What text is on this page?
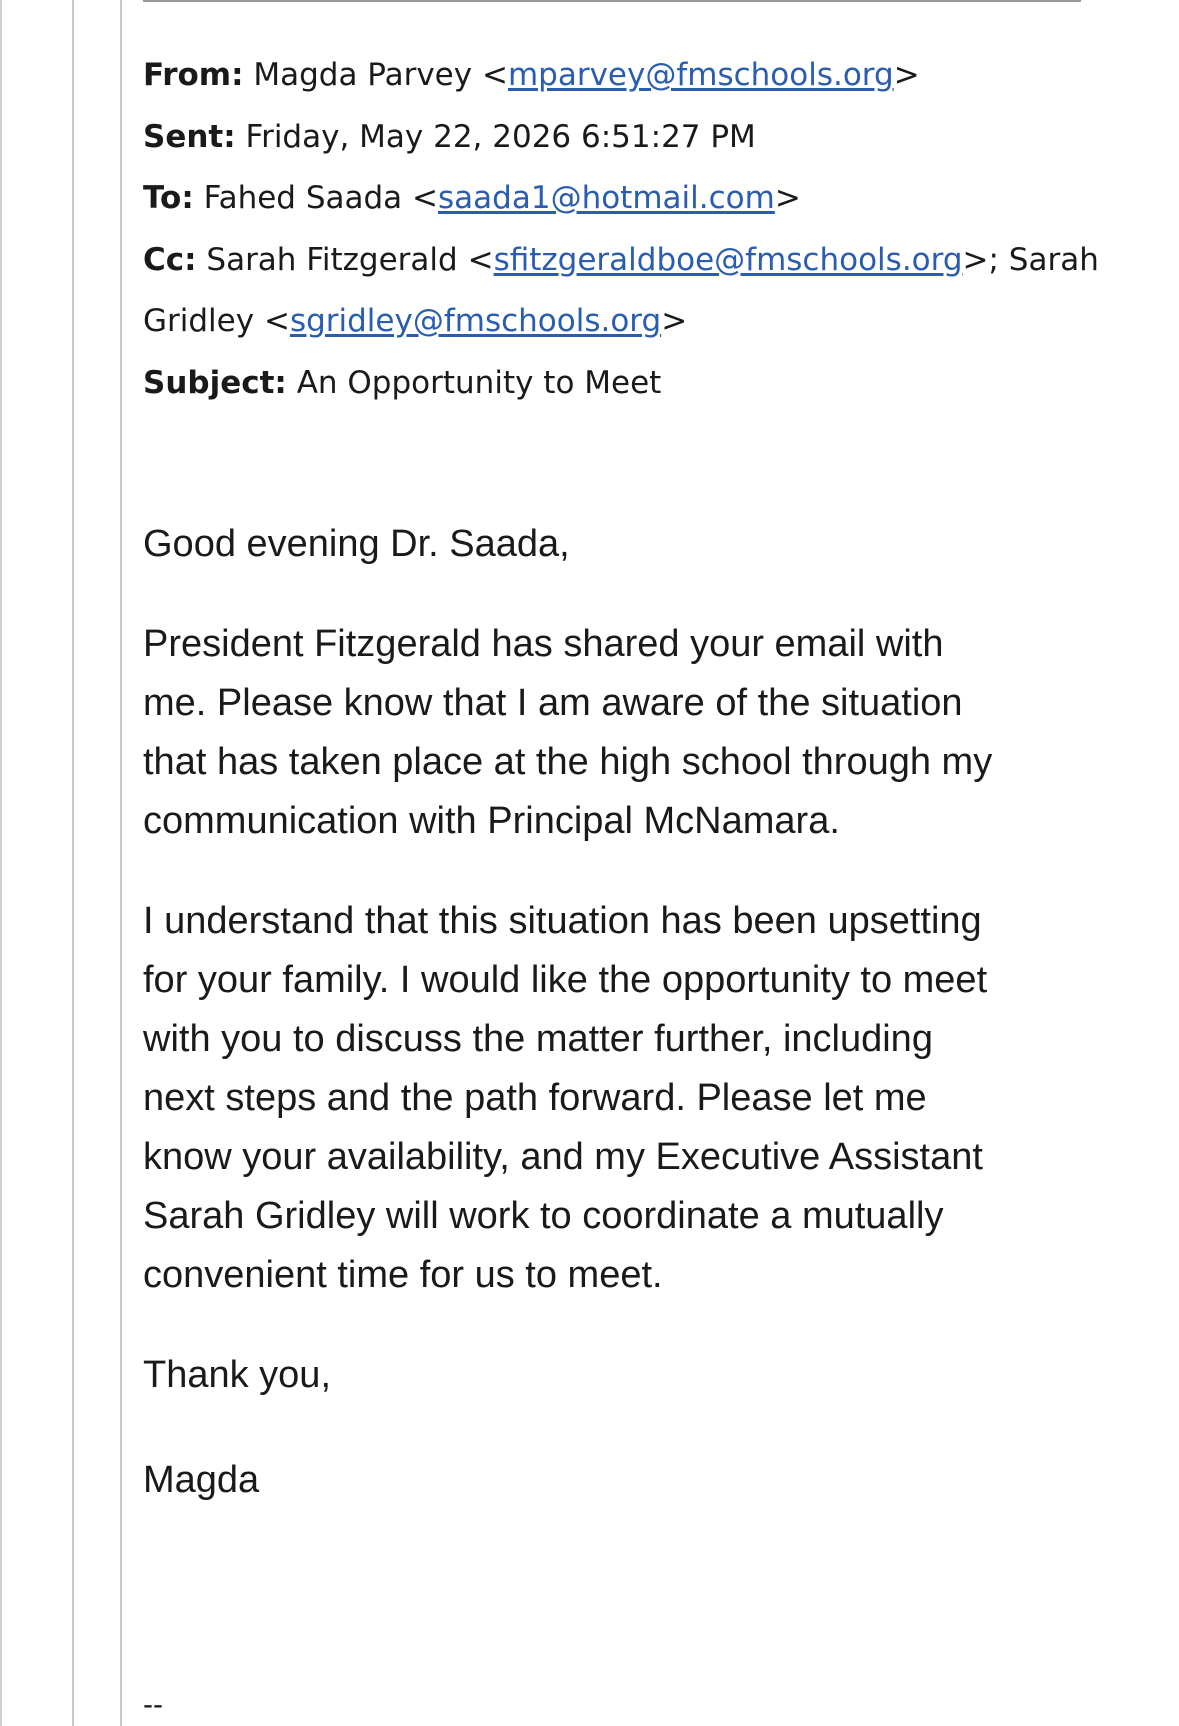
From: Magda Parvey <mparvey@fmschools.org>
Sent: Friday, May 22, 2026 6:51:27 PM
To: Fahed Saada <saada1@hotmail.com>
Cc: Sarah Fitzgerald <sfitzgeraldboe@fmschools.org>; Sarah
Gridley <sgridley@fmschools.org>
Subject: An Opportunity to Meet

Good evening Dr. Saada,

President Fitzgerald has shared your email with
me. Please know that I am aware of the situation
that has taken place at the high school through my
communication with Principal McNamara.

I understand that this situation has been upsetting
for your family. I would like the opportunity to meet
with you to discuss the matter further, including
next steps and the path forward. Please let me
know your availability, and my Executive Assistant
Sarah Gridley will work to coordinate a mutually
convenient time for us to meet.

Thank you,

Magda

--
